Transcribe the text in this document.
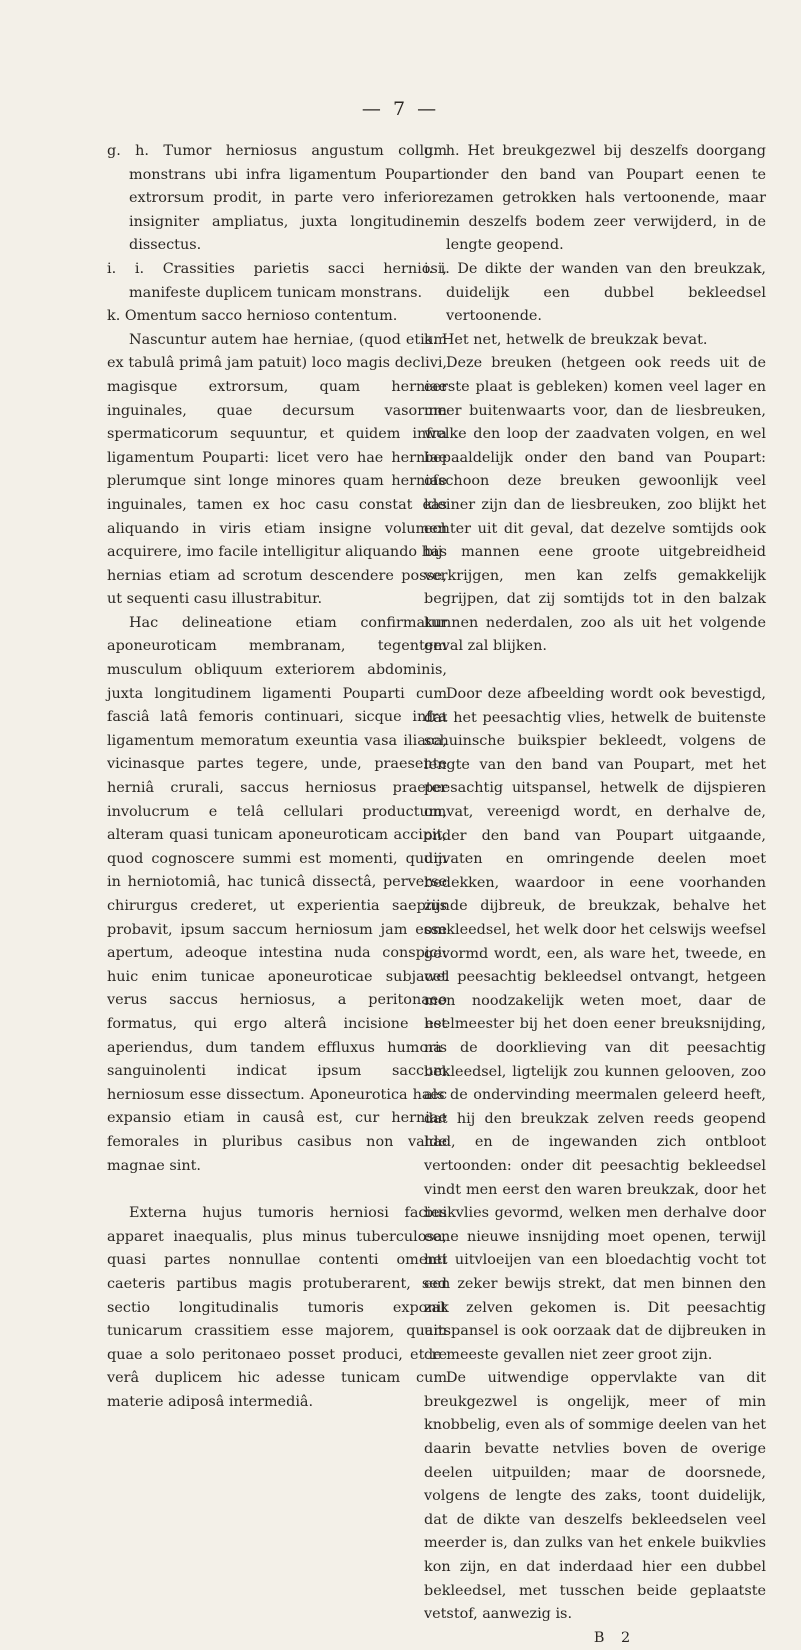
— 7 —

g. h. Tumor herniosus angustum collum monstrans ubi infra ligamentum Pouparti extrorsum prodit, in parte vero inferiore insigniter ampliatus, juxta longitudinem dissectus.

i. i. Crassities parietis sacci herniosi, manifeste duplicem tunicam monstrans.

k. Omentum sacco hernioso contentum.

Nascuntur autem hae herniae, (quod etiam ex tabulâ primâ jam patuit) loco magis declivi, magisque extrorsum, quam herniae inguinales, quae decursum vasorum spermaticorum sequuntur, et quidem infra ligamentum Pouparti: licet vero hae herniae plerumque sint longe minores quam herniae inguinales, tamen ex hoc casu constat eas aliquando in viris etiam insigne volumen acquirere, imo facile intelligitur aliquando has hernias etiam ad scrotum descendere posse, ut sequenti casu illustrabitur.

Hac delineatione etiam confirmatur aponeuroticam membranam, tegentem musculum obliquum exteriorem abdominis, juxta longitudinem ligamenti Pouparti cum fasciâ latâ femoris continuari, sicque infra ligamentum memoratum exeuntia vasa iliaca, vicinasque partes tegere, unde, praesente herniâ crurali, saccus herniosus praeter involucrum e telâ cellulari productum, alteram quasi tunicam aponeuroticam accipit, quod cognoscere summi est momenti, quum in herniotomiâ, hac tunicâ dissectâ, perverse chirurgus crederet, ut experientia saepius probavit, ipsum saccum herniosum jam esse apertum, adeoque intestina nuda conspici: huic enim tunicae aponeuroticae subjacet verus saccus herniosus, a peritonaeo formatus, qui ergo alterâ incisione est aperiendus, dum tandem effluxus humoris sanguinolenti indicat ipsum saccum herniosum esse dissectum. Aponeurotica haec expansio etiam in causâ est, cur herniae femorales in pluribus casibus non valde magnae sint.

Externa hujus tumoris herniosi facies apparet inaequalis, plus minus tuberculosa, quasi partes nonnullae contenti omenti caeteris partibus magis protuberarent, sed sectio longitudinalis tumoris exponit tunicarum crassitiem esse majorem, quam quae a solo peritonaeo posset produci, et re verâ duplicem hic adesse tunicam cum materie adiposâ intermediâ.

g. h. Het breukgezwel bij deszelfs doorgang onder den band van Poupart eenen te zamen getrokken hals vertoonende, maar in deszelfs bodem zeer verwijderd, in de lengte geopend.

i. i. De dikte der wanden van den breukzak, duidelijk een dubbel bekleedsel vertoonende.

k. Het net, hetwelk de breukzak bevat.

Deze breuken (hetgeen ook reeds uit de eerste plaat is gebleken) komen veel lager en meer buitenwaarts voor, dan de liesbreuken, welke den loop der zaadvaten volgen, en wel bepaaldelijk onder den band van Poupart: ofschoon deze breuken gewoonlijk veel kleiner zijn dan de liesbreuken, zoo blijkt het echter uit dit geval, dat dezelve somtijds ook bij mannen eene groote uitgebreidheid verkrijgen, men kan zelfs gemakkelijk begrijpen, dat zij somtijds tot in den balzak kunnen nederdalen, zoo als uit het volgende geval zal blijken.

Door deze afbeelding wordt ook bevestigd, dat het peesachtig vlies, hetwelk de buitenste schuinsche buikspier bekleedt, volgens de lengte van den band van Poupart, met het peesachtig uitspansel, hetwelk de dijspieren omvat, vereenigd wordt, en derhalve de, onder den band van Poupart uitgaande, dijvaten en omringende deelen moet bedekken, waardoor in eene voorhanden zijnde dijbreuk, de breukzak, behalve het omkleedsel, het welk door het celswijs weefsel gevormd wordt, een, als ware het, tweede, en wel peesachtig bekleedsel ontvangt, hetgeen men noodzakelijk weten moet, daar de heelmeester bij het doen eener breuksnijding, na de doorklieving van dit peesachtig bekleedsel, ligtelijk zou kunnen gelooven, zoo als de ondervinding meermalen geleerd heeft, dat hij den breukzak zelven reeds geopend had, en de ingewanden zich ontbloot vertoonden: onder dit peesachtig bekleedsel vindt men eerst den waren breukzak, door het buikvlies gevormd, welken men derhalve door eene nieuwe insnijding moet openen, terwijl het uitvloeijen van een bloedachtig vocht tot een zeker bewijs strekt, dat men binnen den zak zelven gekomen is. Dit peesachtig uitspansel is ook oorzaak dat de dijbreuken in de meeste gevallen niet zeer groot zijn.

De uitwendige oppervlakte van dit breukgezwel is ongelijk, meer of min knobbelig, even als of sommige deelen van het daarin bevatte netvlies boven de overige deelen uitpuilden; maar de doorsnede, volgens de lengte des zaks, toont duidelijk, dat de dikte van deszelfs bekleedselen veel meerder is, dan zulks van het enkele buikvlies kon zijn, en dat inderdaad hier een dubbel bekleedsel, met tusschen beide geplaatste vetstof, aanwezig is.

B 2
